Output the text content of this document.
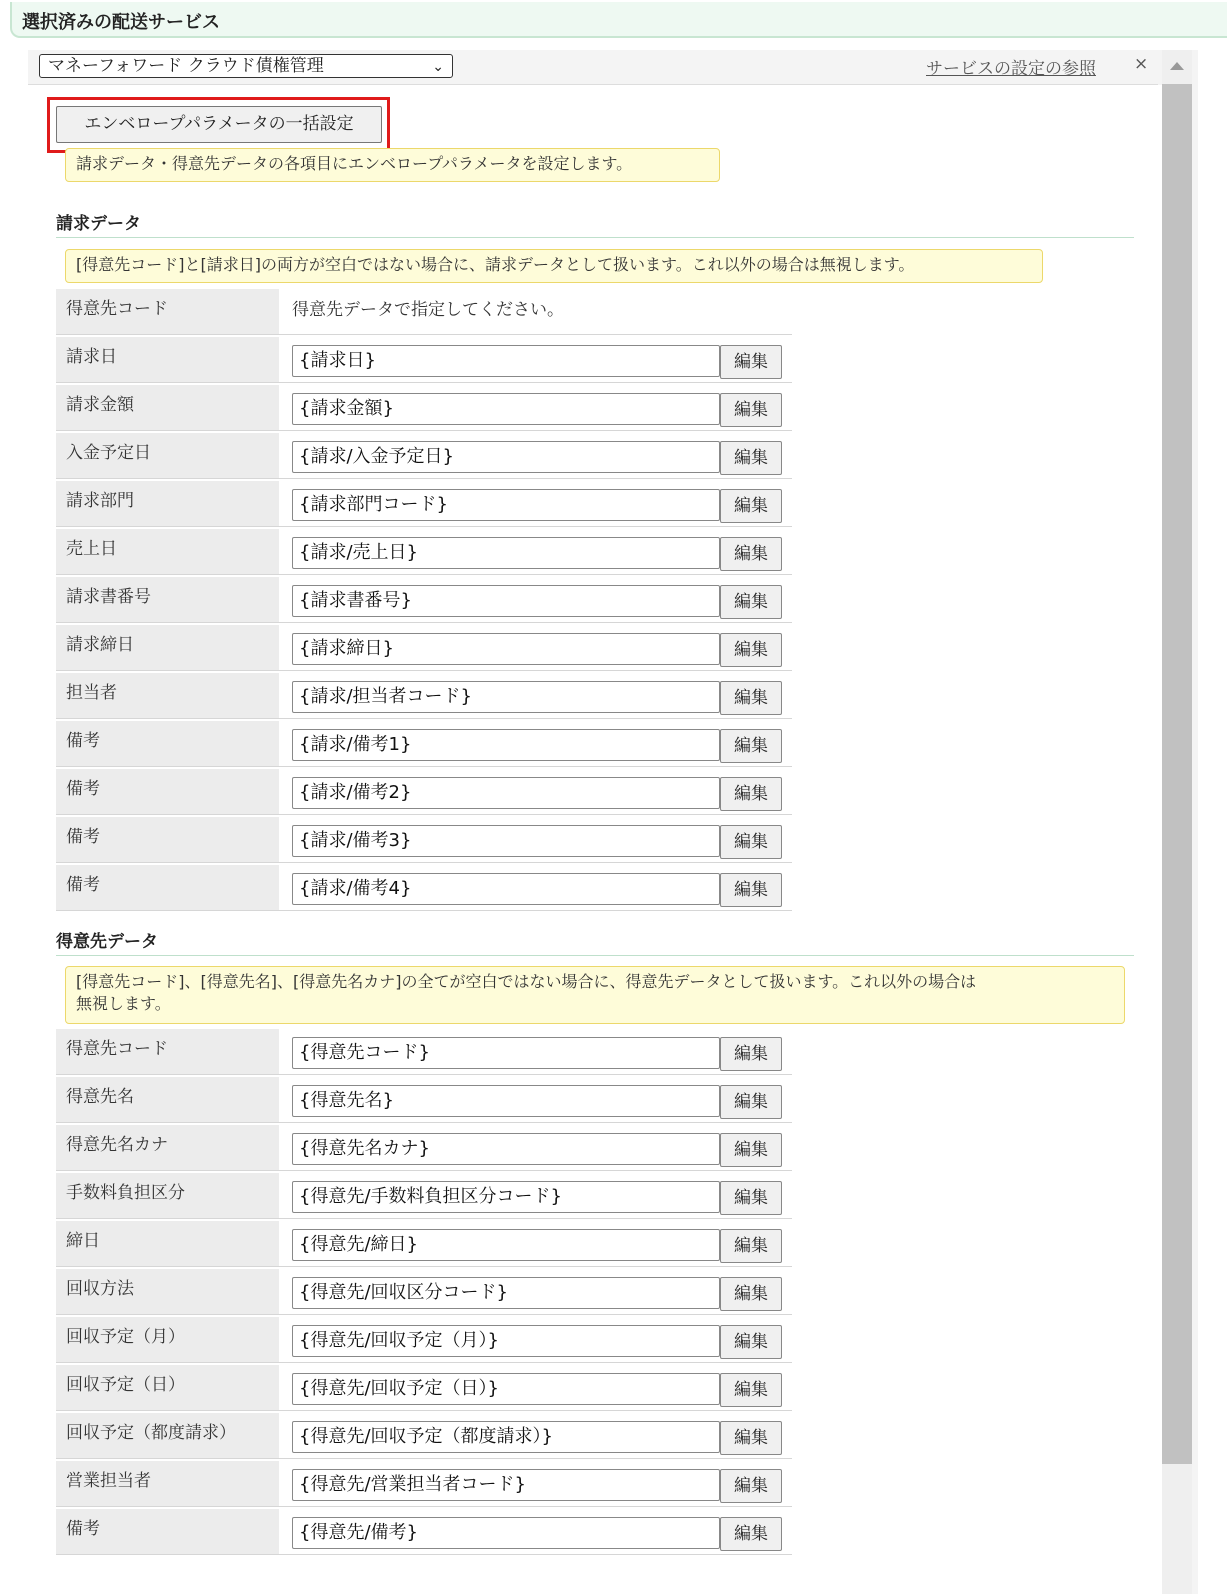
選択済みの配送サービス
マネーフォワード クラウド債権管理	⌄	サービスの設定の参照 ×
エンベロープパラメータの一括設定
請求データ・得意先データの各項目にエンベロープパラメータを設定します。
請求データ
[得意先コード]と[請求日]の両方が空白ではない場合に、請求データとして扱います。これ以外の場合は無視します。
得意先コード	得意先データで指定してください。
請求日	{請求日}	編集
請求金額	{請求金額}	編集
入金予定日	{請求/入金予定日}	編集
請求部門	{請求部門コード}	編集
売上日	{請求/売上日}	編集
請求書番号	{請求書番号}	編集
請求締日	{請求締日}	編集
担当者	{請求/担当者コード}	編集
備考	{請求/備考1}	編集
備考	{請求/備考2}	編集
備考	{請求/備考3}	編集
備考	{請求/備考4}	編集
得意先データ
[得意先コード]、[得意先名]、[得意先名カナ]の全てが空白ではない場合に、得意先データとして扱います。これ以外の場合は
無視します。
得意先コード	{得意先コード}	編集
得意先名	{得意先名}	編集
得意先名カナ	{得意先名カナ}	編集
手数料負担区分	{得意先/手数料負担区分コード}	編集
締日	{得意先/締日}	編集
回収方法	{得意先/回収区分コード}	編集
回収予定（月）	{得意先/回収予定（月）}	編集
回収予定（日）	{得意先/回収予定（日）}	編集
回収予定（都度請求）	{得意先/回収予定（都度請求）}	編集
営業担当者	{得意先/営業担当者コード}	編集
備考	{得意先/備考}	編集
